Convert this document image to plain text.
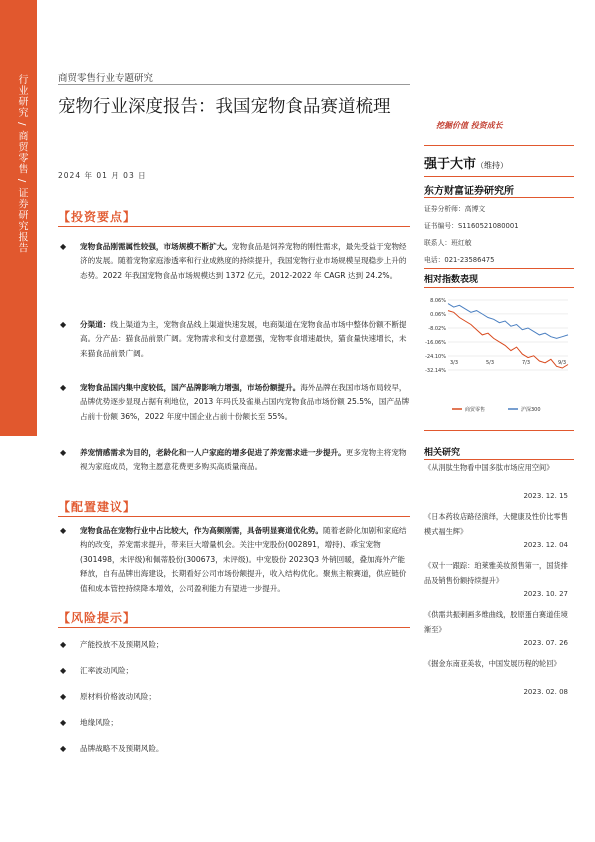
行业研究 / 商贸零售 / 证券研究报告	商贸零售行业专题研究
宠物行业深度报告：我国宠物食品赛道梳理
2024 年 01 月 03 日
【投资要点】
◆ 宠物食品刚需属性较强，市场规模不断扩大。宠物食品是饲养宠物的刚性需求，最先受益于宠物经济的发展。随着宠物家庭渗透率和行业成熟度的持续提升，我国宠物行业市场规模呈现稳步上升的态势。2022 年我国宠物食品市场规模达到 1372 亿元，2012-2022 年 CAGR 达到 24.2%。
◆ 分渠道：线上渠道为主，宠物食品线上渠道快速发展，电商渠道在宠物食品市场中整体份额不断提高。分产品：猫食品前景广阔。宠物需求和支付意愿强，宠物零食增速最快，猫食量快速增长，未来猫食品前景广阔。
◆ 宠物食品国内集中度较低，国产品牌影响力增强，市场份额提升。海外品牌在我国市场布局较早，品牌优势逐步显现占据有利地位，2013 年玛氏及雀巢占国内宠物食品市场份额 25.5%，国产品牌占前十份额 36%，2022 年度中国企业占前十份额长至 55%。
◆ 养宠情感需求为目的，老龄化和一人户家庭的增多促进了养宠需求进一步提升。更多宠物主将宠物视为家庭成员，宠物主愿意花费更多购买高质量商品。
【配置建议】
◆ 宠物食品在宠物行业中占比较大，作为高频刚需，具备明显赛道优化势。随着老龄化加剧和家庭结构的改变，养宠需求提升，带来巨大增量机会。关注中宠股份(002891，增持)、乖宝宠物(301498，未评级)和佩蒂股份(300673，未评级)。中宠股份 2023Q3 外销回暖，叠加海外产能释放，自有品牌出海建设，长期看好公司市场份额提升，收入结构优化。聚焦主粮赛道，供应链价值和成本管控持续降本增效，公司盈利能力有望进一步提升。
【风险提示】
◆ 产能投放不及预期风险；
◆ 汇率波动风险；
◆ 原材料价格波动风险；
◆ 地缘风险；
◆ 品牌战略不及预期风险。
挖掘价值 投资成长
强于大市（维持）
东方财富证券研究所
证券分析师：高博文
证书编号：S1160521080001
联系人：班红敏
电话：021-23586475
相对指数表现
8.06%
0.06%
-8.02%
-16.06%
-24.10%
-32.14%
3/3	5/3	7/3	9/3
商贸零售	沪深300
相关研究
《从涓肽生物看中国多肽市场应用空间》
2023. 12. 15
《日本药妆店路径演绎，大健康及性价比零售模式福生辉》
2023. 12. 04
《双十一跟踪：珀莱雅美妆预售第一，国货排品及销售份额持续提升》
2023. 10. 27
《供需共振刺画多维曲线，胶原蛋白赛道佳境渐至》
2023. 07. 26
《掘金东南亚美妆，中国发展历程的轮回》
2023. 02. 08
